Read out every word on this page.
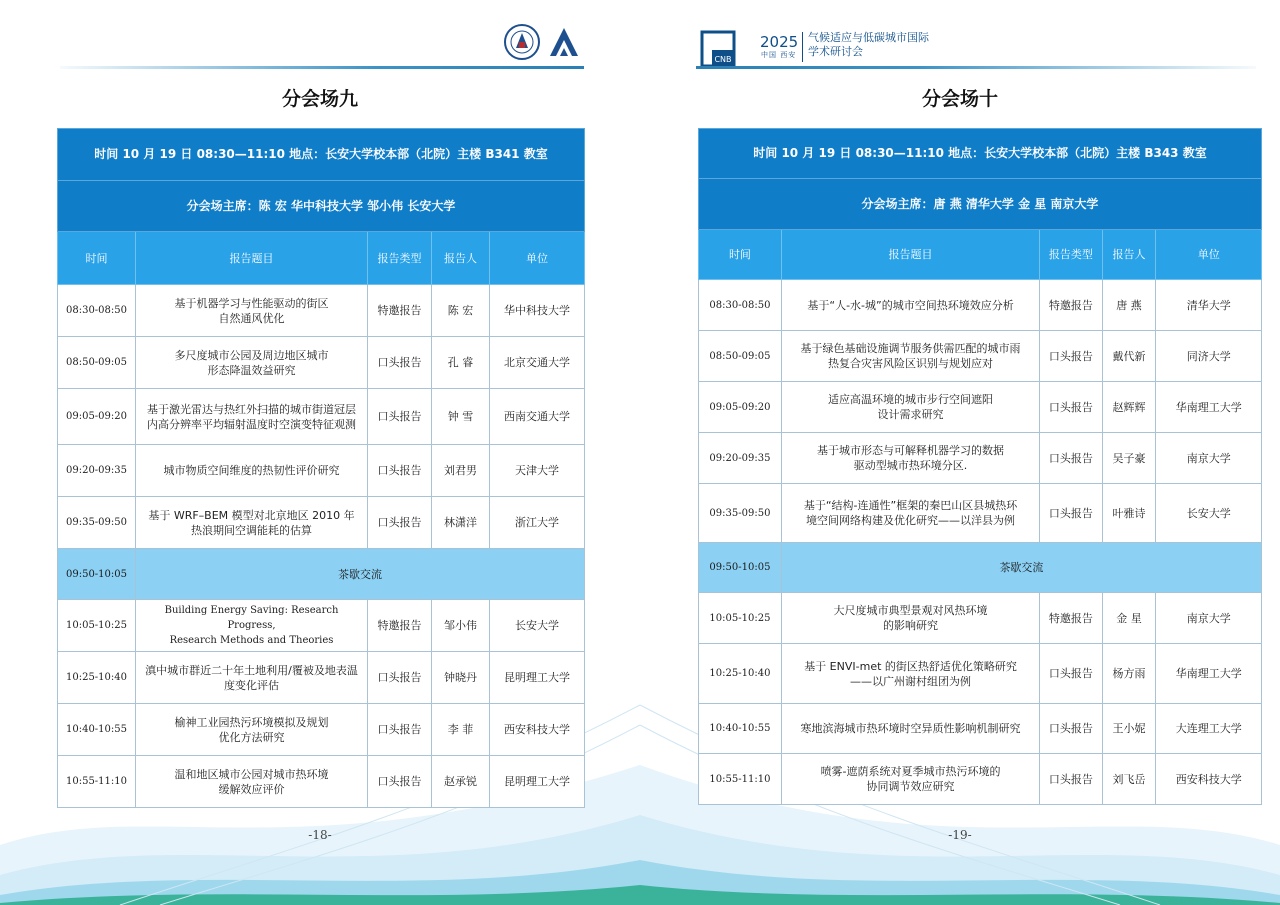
分会场九
时间 10 月 19 日 08:30—11:10 地点：长安大学校本部（北院）主楼 B341 教室				
分会场主席：陈 宏 华中科技大学 邹小伟 长安大学				
时间	报告题目	报告类型	报告人	单位
08:30-08:50	基于机器学习与性能驱动的街区
自然通风优化	特邀报告	陈 宏	华中科技大学
08:50-09:05	多尺度城市公园及周边地区城市
形态降温效益研究	口头报告	孔 睿	北京交通大学
09:05-09:20	基于激光雷达与热红外扫描的城市街道冠层
内高分辨率平均辐射温度时空演变特征观测	口头报告	钟 雪	西南交通大学
09:20-09:35	城市物质空间维度的热韧性评价研究	口头报告	刘君男	天津大学
09:35-09:50	基于 WRF–BEM 模型对北京地区 2010 年
热浪期间空调能耗的估算	口头报告	林潇洋	浙江大学
09:50-10:05	茶歇交流			
10:05-10:25	Building Energy Saving: Research Progress,
Research Methods and Theories	特邀报告	邹小伟	长安大学
10:25-10:40	滇中城市群近二十年土地利用/覆被及地表温
度变化评估	口头报告	钟晓丹	昆明理工大学
10:40-10:55	榆神工业园热污环境模拟及规划
优化方法研究	口头报告	李 菲	西安科技大学
10:55-11:10	温和地区城市公园对城市热环境
缓解效应评价	口头报告	赵承锐	昆明理工大学
-18-
CNB
2025
中国 西安
气候适应与低碳城市国际
学术研讨会
分会场十
时间 10 月 19 日 08:30—11:10 地点：长安大学校本部（北院）主楼 B343 教室				
分会场主席：唐 燕 清华大学 金 星 南京大学				
时间	报告题目	报告类型	报告人	单位
08:30-08:50	基于“人-水-城”的城市空间热环境效应分析	特邀报告	唐 燕	清华大学
08:50-09:05	基于绿色基础设施调节服务供需匹配的城市雨
热复合灾害风险区识别与规划应对	口头报告	戴代新	同济大学
09:05-09:20	适应高温环境的城市步行空间遮阳
设计需求研究	口头报告	赵辉辉	华南理工大学
09:20-09:35	基于城市形态与可解释机器学习的数据
驱动型城市热环境分区.	口头报告	吴子豪	南京大学
09:35-09:50	基于“结构-连通性”框架的秦巴山区县城热环
境空间网络构建及优化研究——以洋县为例	口头报告	叶雅诗	长安大学
09:50-10:05	茶歇交流			
10:05-10:25	大尺度城市典型景观对风热环境
的影响研究	特邀报告	金 星	南京大学
10:25-10:40	基于 ENVI-met 的街区热舒适优化策略研究
——以广州谢村组团为例	口头报告	杨方雨	华南理工大学
10:40-10:55	寒地滨海城市热环境时空异质性影响机制研究	口头报告	王小妮	大连理工大学
10:55-11:10	喷雾-遮荫系统对夏季城市热污环境的
协同调节效应研究	口头报告	刘飞岳	西安科技大学
-19-
